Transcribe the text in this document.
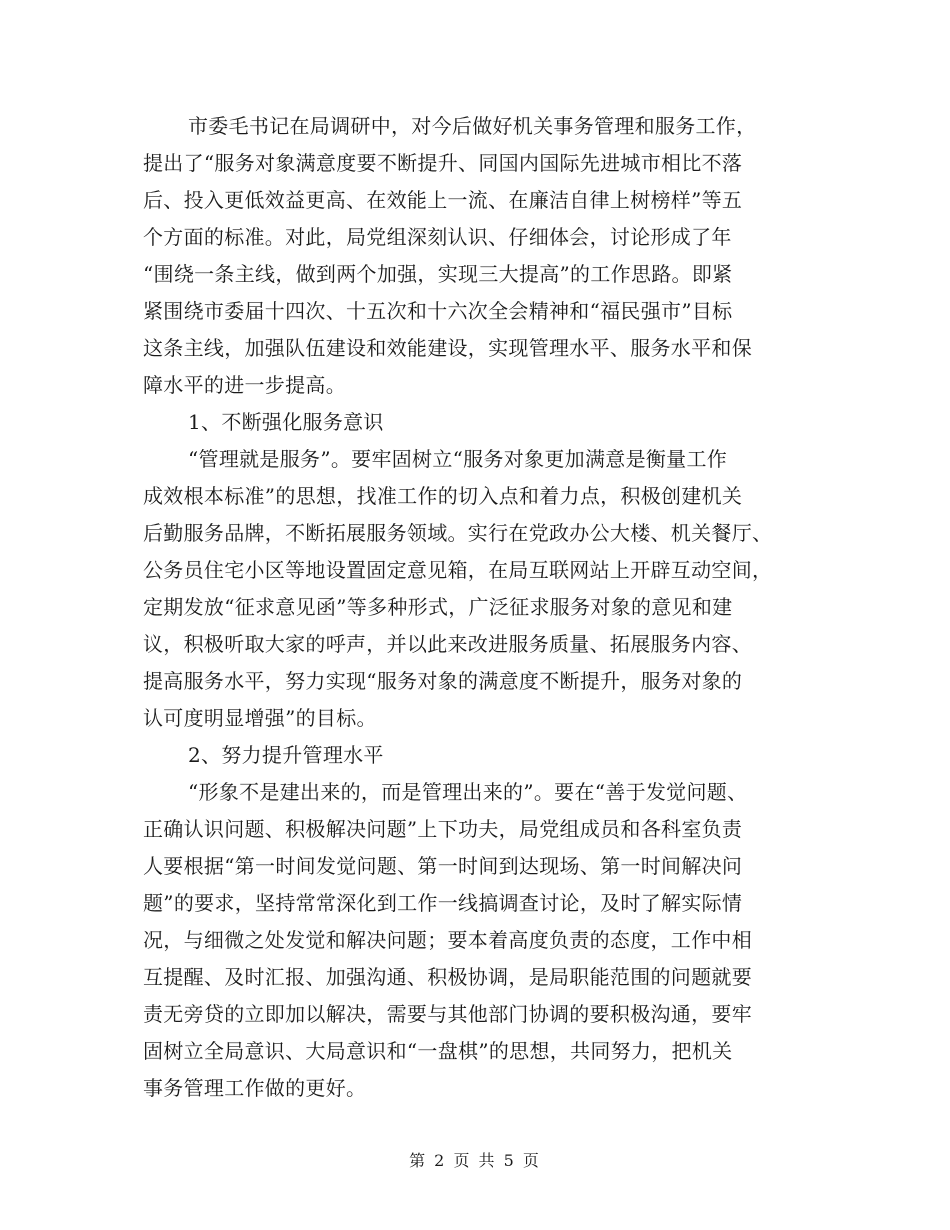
市委毛书记在局调研中，对今后做好机关事务管理和服务工作，
提出了“服务对象满意度要不断提升、同国内国际先进城市相比不落
后、投入更低效益更高、在效能上一流、在廉洁自律上树榜样”等五
个方面的标准。对此，局党组深刻认识、仔细体会，讨论形成了年
“围绕一条主线，做到两个加强，实现三大提高”的工作思路。即紧
紧围绕市委届十四次、十五次和十六次全会精神和“福民强市”目标
这条主线，加强队伍建设和效能建设，实现管理水平、服务水平和保
障水平的进一步提高。
1、不断强化服务意识
“管理就是服务”。要牢固树立“服务对象更加满意是衡量工作
成效根本标准”的思想，找准工作的切入点和着力点，积极创建机关
后勤服务品牌，不断拓展服务领域。实行在党政办公大楼、机关餐厅、
公务员住宅小区等地设置固定意见箱，在局互联网站上开辟互动空间，
定期发放“征求意见函”等多种形式，广泛征求服务对象的意见和建
议，积极听取大家的呼声，并以此来改进服务质量、拓展服务内容、
提高服务水平，努力实现“服务对象的满意度不断提升，服务对象的
认可度明显增强”的目标。
2、努力提升管理水平
“形象不是建出来的，而是管理出来的”。要在“善于发觉问题、
正确认识问题、积极解决问题”上下功夫，局党组成员和各科室负责
人要根据“第一时间发觉问题、第一时间到达现场、第一时间解决问
题”的要求，坚持常常深化到工作一线搞调查讨论，及时了解实际情
况，与细微之处发觉和解决问题；要本着高度负责的态度，工作中相
互提醒、及时汇报、加强沟通、积极协调，是局职能范围的问题就要
责无旁贷的立即加以解决，需要与其他部门协调的要积极沟通，要牢
固树立全局意识、大局意识和“一盘棋”的思想，共同努力，把机关
事务管理工作做的更好。
第 2 页 共 5 页
